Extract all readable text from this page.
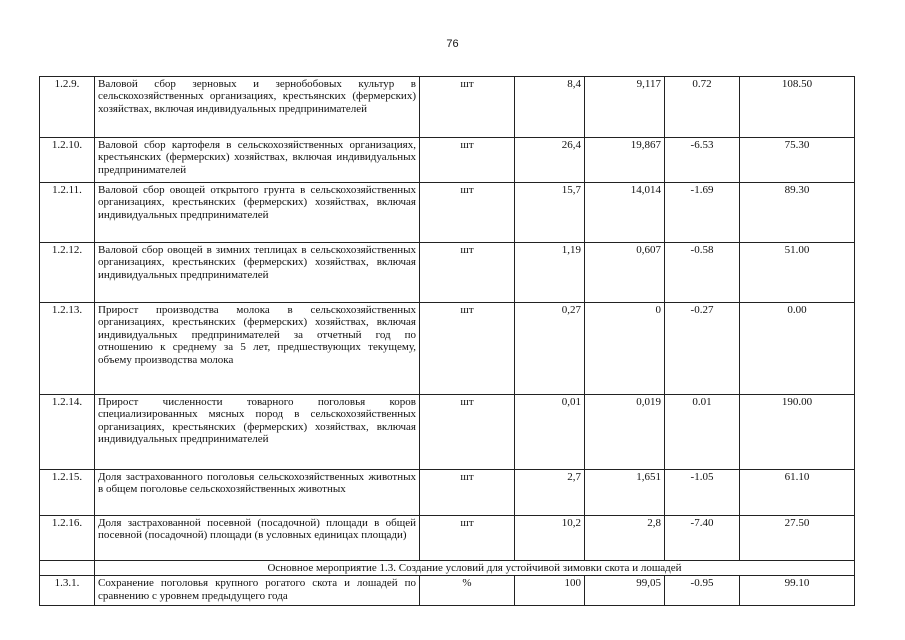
76
1.2.9.	Валовой сбор зерновых и зернобобовых культур в сельскохозяйственных организациях, крестьянских (фермерских) хозяйствах, включая индивидуальных предпринимателей	шт	8,4	9,117	0.72	108.50
1.2.10.	Валовой сбор картофеля в сельскохозяйственных организациях, крестьянских (фермерских) хозяйствах, включая индивидуальных предпринимателей	шт	26,4	19,867	-6.53	75.30
1.2.11.	Валовой сбор овощей открытого грунта в сельскохозяйственных организациях, крестьянских (фермерских) хозяйствах, включая индивидуальных предпринимателей	шт	15,7	14,014	-1.69	89.30
1.2.12.	Валовой сбор овощей в зимних теплицах в сельскохозяйственных организациях, крестьянских (фермерских) хозяйствах, включая индивидуальных предпринимателей	шт	1,19	0,607	-0.58	51.00
1.2.13.	Прирост производства молока в сельскохозяйственных организациях, крестьянских (фермерских) хозяйствах, включая индивидуальных предпринимателей за отчетный год по отношению к среднему за 5 лет, предшествующих текущему, объему производства молока	шт	0,27	0	-0.27	0.00
1.2.14.	Прирост численности товарного поголовья коров специализированных мясных пород в сельскохозяйственных организациях, крестьянских (фермерских) хозяйствах, включая индивидуальных предпринимателей	шт	0,01	0,019	0.01	190.00
1.2.15.	Доля застрахованного поголовья сельскохозяйственных животных в общем поголовье сельскохозяйственных животных	шт	2,7	1,651	-1.05	61.10
1.2.16.	Доля застрахованной посевной (посадочной) площади в общей посевной (посадочной) площади (в условных единицах площади)	шт	10,2	2,8	-7.40	27.50
	Основное мероприятие 1.3. Создание условий для устойчивой зимовки скота и лошадей					
1.3.1.	Сохранение поголовья крупного рогатого скота и лошадей по сравнению с уровнем предыдущего года	%	100	99,05	-0.95	99.10
